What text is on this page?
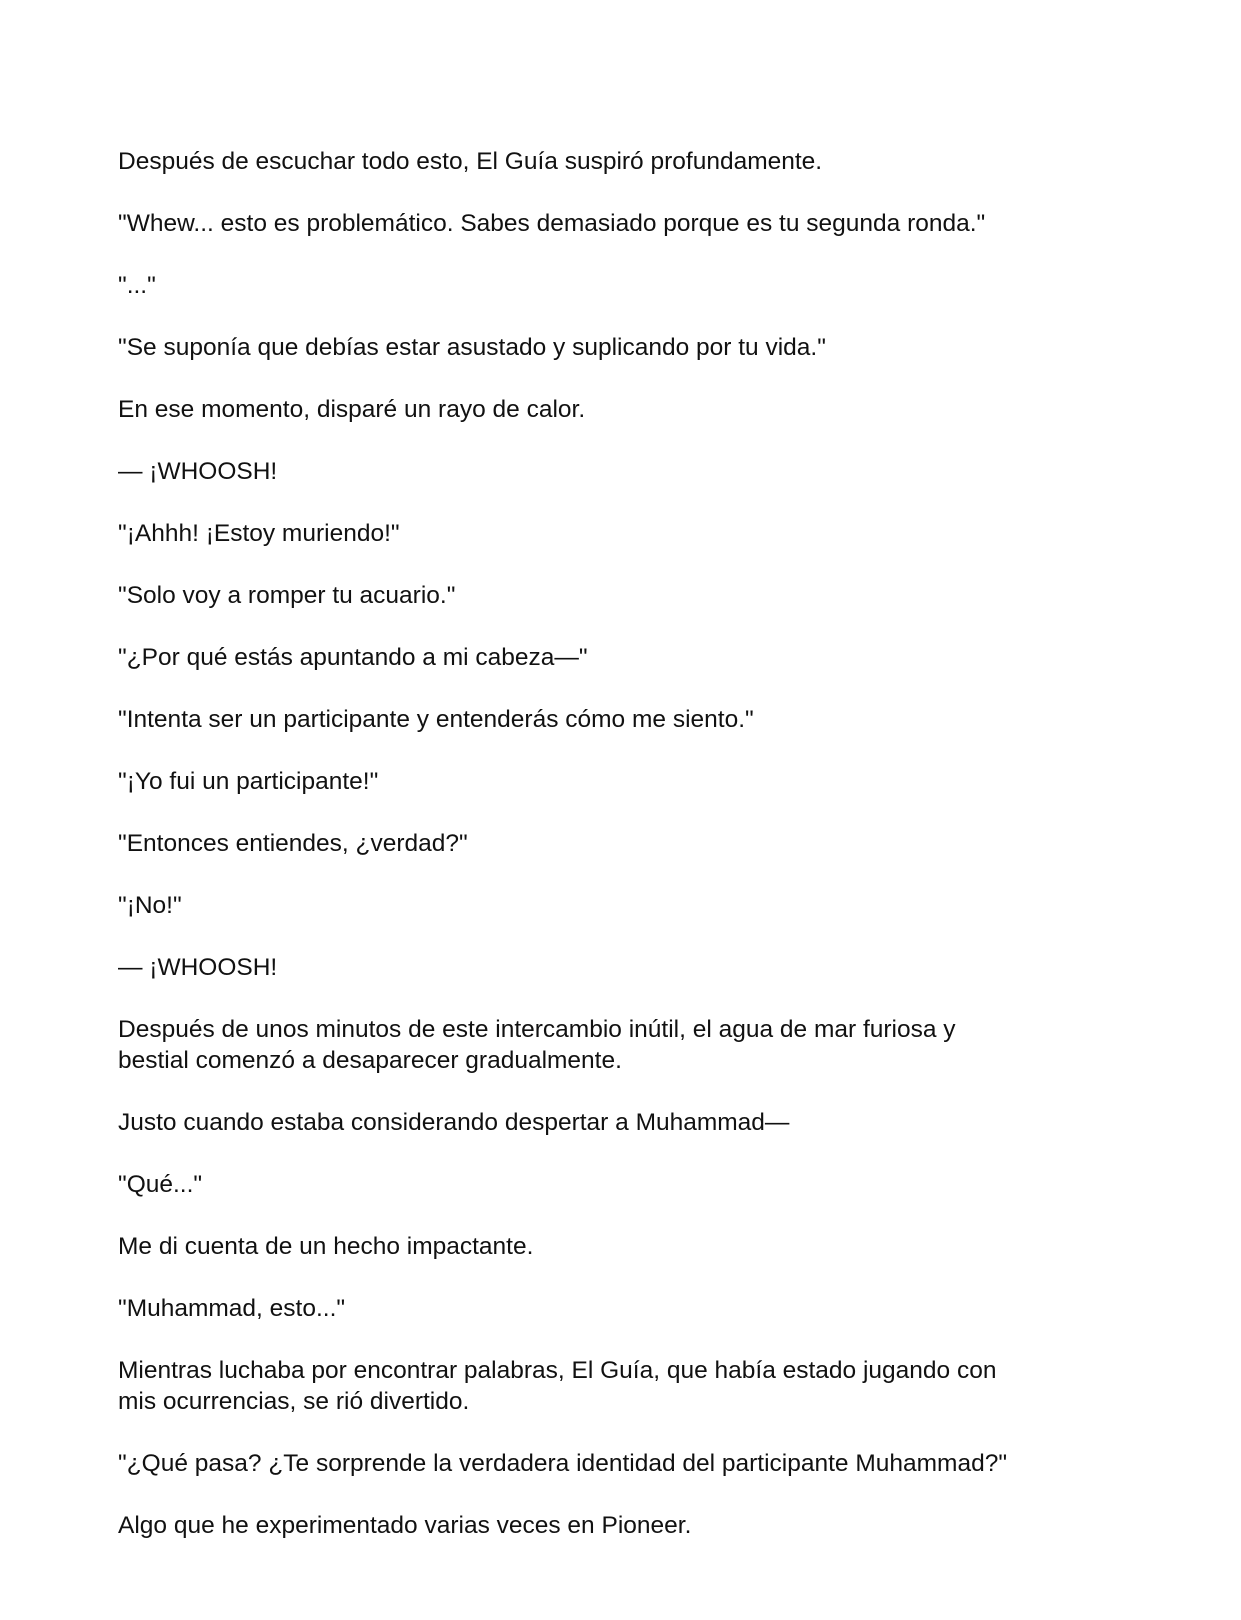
Después de escuchar todo esto, El Guía suspiró profundamente.

"Whew... esto es problemático. Sabes demasiado porque es tu segunda ronda."

"..."

"Se suponía que debías estar asustado y suplicando por tu vida."

En ese momento, disparé un rayo de calor.

— ¡WHOOSH!

"¡Ahhh! ¡Estoy muriendo!"

"Solo voy a romper tu acuario."

"¿Por qué estás apuntando a mi cabeza—"

"Intenta ser un participante y entenderás cómo me siento."

"¡Yo fui un participante!"

"Entonces entiendes, ¿verdad?"

"¡No!"

— ¡WHOOSH!

Después de unos minutos de este intercambio inútil, el agua de mar furiosa y
bestial comenzó a desaparecer gradualmente.

Justo cuando estaba considerando despertar a Muhammad—

"Qué..."

Me di cuenta de un hecho impactante.

"Muhammad, esto..."

Mientras luchaba por encontrar palabras, El Guía, que había estado jugando con
mis ocurrencias, se rió divertido.

"¿Qué pasa? ¿Te sorprende la verdadera identidad del participante Muhammad?"

Algo que he experimentado varias veces en Pioneer.
